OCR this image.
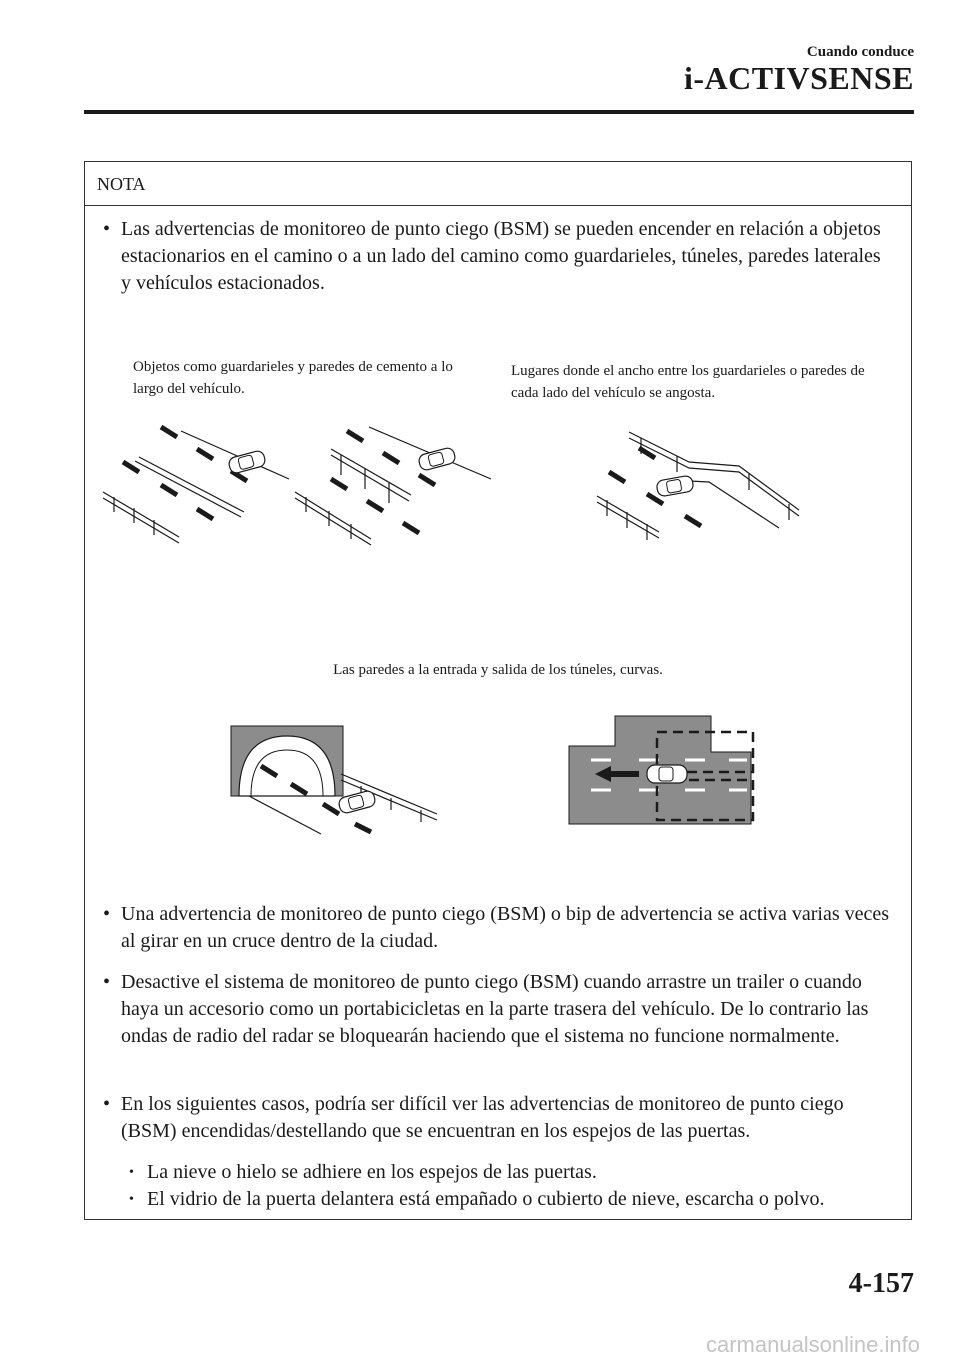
Cuando conduce
i-ACTIVSENSE
NOTA
• Las advertencias de monitoreo de punto ciego (BSM) se pueden encender en relación a objetos estacionarios en el camino o a un lado del camino como guardarieles, túneles, paredes laterales y vehículos estacionados.
Objetos como guardarieles y paredes de cemento a lo largo del vehículo.
Lugares donde el ancho entre los guardarieles o paredes de cada lado del vehículo se angosta.
Las paredes a la entrada y salida de los túneles, curvas.
• Una advertencia de monitoreo de punto ciego (BSM) o bip de advertencia se activa varias veces al girar en un cruce dentro de la ciudad.
• Desactive el sistema de monitoreo de punto ciego (BSM) cuando arrastre un trailer o cuando haya un accesorio como un portabicicletas en la parte trasera del vehículo. De lo contrario las ondas de radio del radar se bloquearán haciendo que el sistema no funcione normalmente.
• En los siguientes casos, podría ser difícil ver las advertencias de monitoreo de punto ciego (BSM) encendidas/destellando que se encuentran en los espejos de las puertas.
• La nieve o hielo se adhiere en los espejos de las puertas.
• El vidrio de la puerta delantera está empañado o cubierto de nieve, escarcha o polvo.
4-157
carmanualsonline.info
